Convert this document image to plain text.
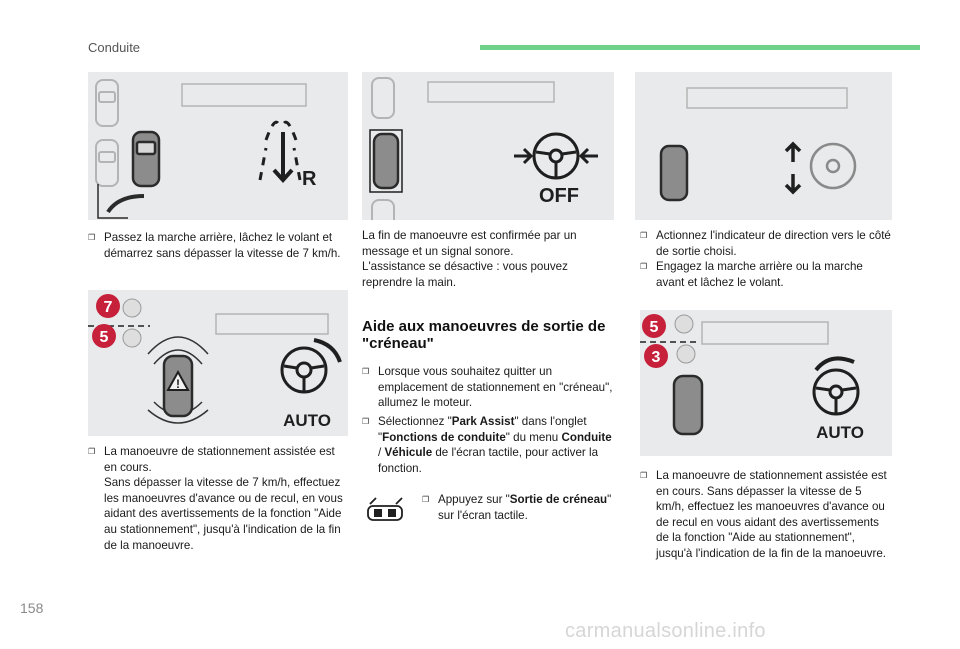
Conduite
R
❒ Passez la marche arrière, lâchez le volant et démarrez sans dépasser la vitesse de 7 km/h.
7
5
!
AUTO
❒ La manoeuvre de stationnement assistée est en cours.
Sans dépasser la vitesse de 7 km/h, effectuez les manoeuvres d'avance ou de recul, en vous aidant des avertissements de la fonction "Aide au stationnement", jusqu'à l'indication de la fin de la manoeuvre.
OFF
La fin de manoeuvre est confirmée par un message et un signal sonore.
L'assistance se désactive : vous pouvez reprendre la main.
Aide aux manoeuvres de sortie de "créneau"
❒ Lorsque vous souhaitez quitter un emplacement de stationnement en "créneau", allumez le moteur.
❒ Sélectionnez "Park Assist" dans l'onglet "Fonctions de conduite" du menu Conduite / Véhicule de l'écran tactile, pour activer la fonction.
❒ Appuyez sur "Sortie de créneau" sur l'écran tactile.
❒ Actionnez l'indicateur de direction vers le côté de sortie choisi.
❒ Engagez la marche arrière ou la marche avant et lâchez le volant.
5
3
AUTO
❒ La manoeuvre de stationnement assistée est en cours. Sans dépasser la vitesse de 5 km/h, effectuez les manoeuvres d'avance ou de recul en vous aidant des avertissements de la fonction "Aide au stationnement", jusqu'à l'indication de la fin de la manoeuvre.
158
carmanualsonline.info
